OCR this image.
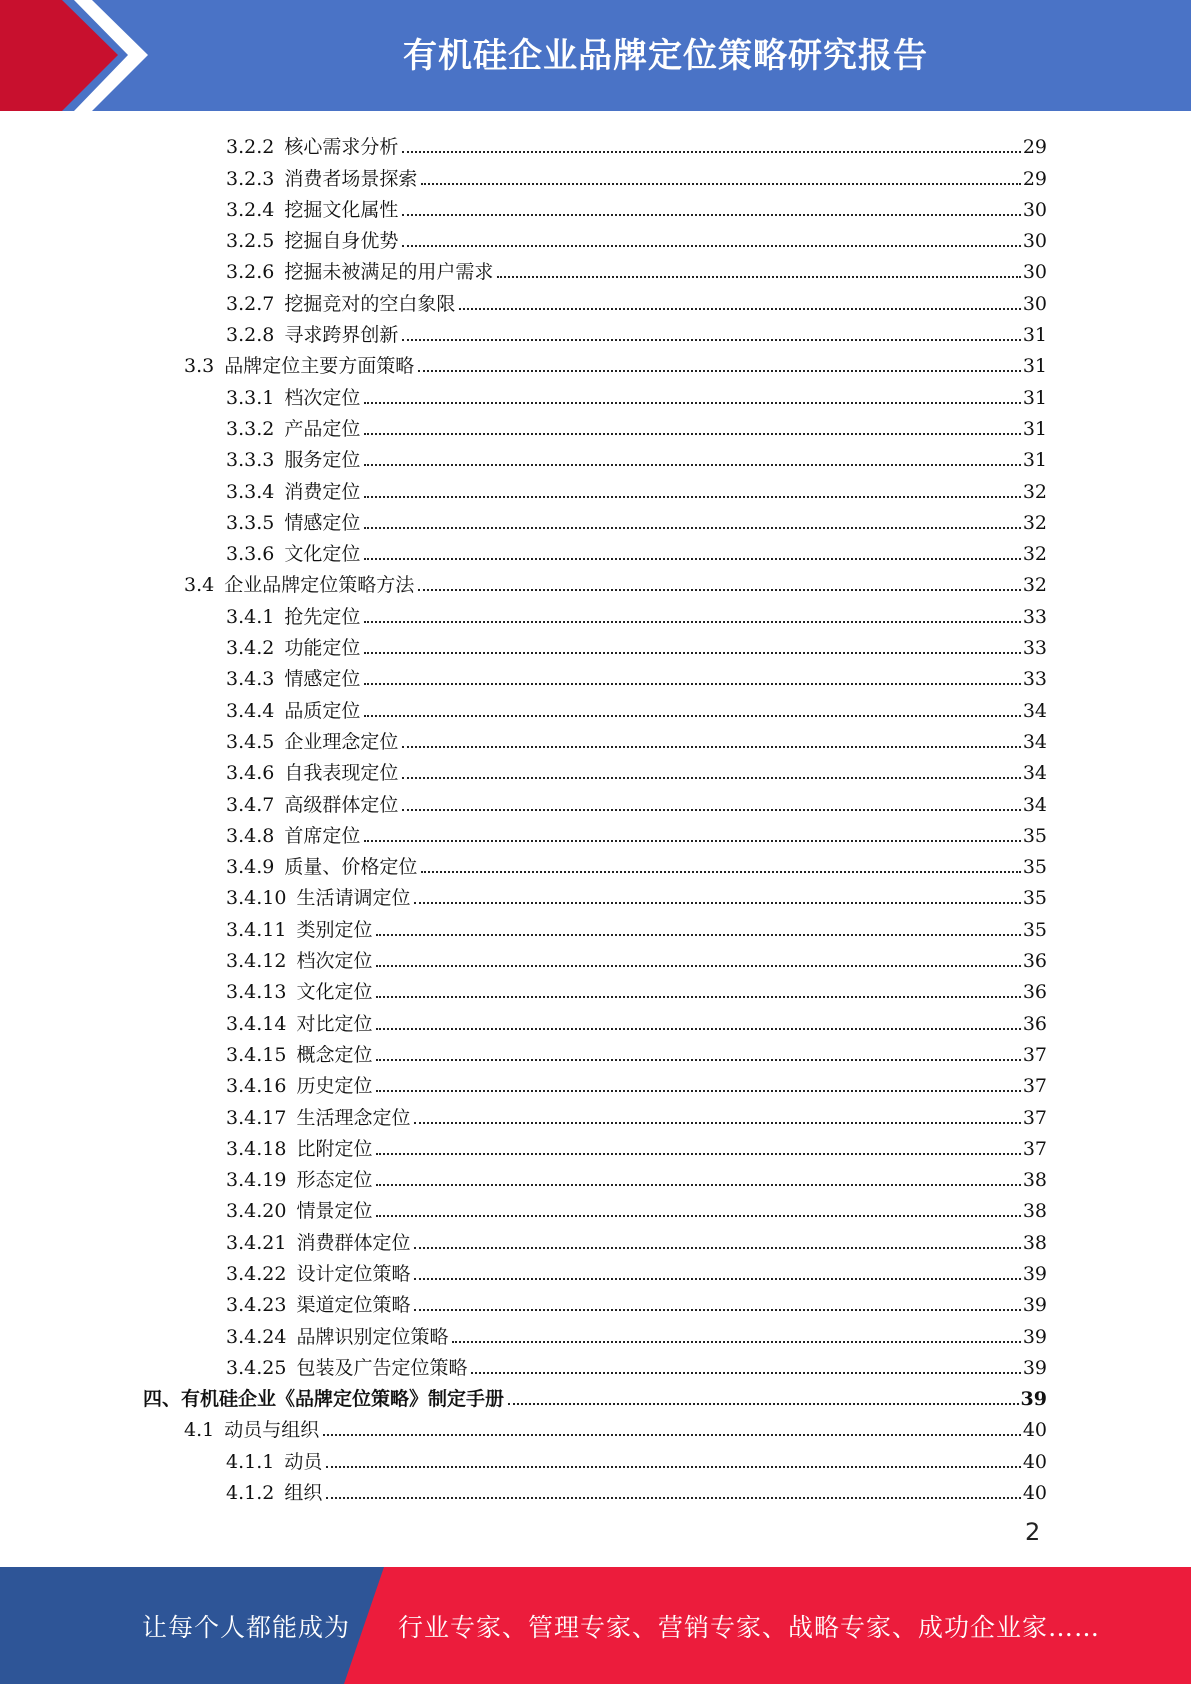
有机硅企业品牌定位策略研究报告
3.2.2 核心需求分析	29
3.2.3 消费者场景探索	29
3.2.4 挖掘文化属性	30
3.2.5 挖掘自身优势	30
3.2.6 挖掘未被满足的用户需求	30
3.2.7 挖掘竞对的空白象限	30
3.2.8 寻求跨界创新	31
3.3 品牌定位主要方面策略	31
3.3.1 档次定位	31
3.3.2 产品定位	31
3.3.3 服务定位	31
3.3.4 消费定位	32
3.3.5 情感定位	32
3.3.6 文化定位	32
3.4 企业品牌定位策略方法	32
3.4.1 抢先定位	33
3.4.2 功能定位	33
3.4.3 情感定位	33
3.4.4 品质定位	34
3.4.5 企业理念定位	34
3.4.6 自我表现定位	34
3.4.7 高级群体定位	34
3.4.8 首席定位	35
3.4.9 质量、价格定位	35
3.4.10 生活请调定位	35
3.4.11 类别定位	35
3.4.12 档次定位	36
3.4.13 文化定位	36
3.4.14 对比定位	36
3.4.15 概念定位	37
3.4.16 历史定位	37
3.4.17 生活理念定位	37
3.4.18 比附定位	37
3.4.19 形态定位	38
3.4.20 情景定位	38
3.4.21 消费群体定位	38
3.4.22 设计定位策略	39
3.4.23 渠道定位策略	39
3.4.24 品牌识别定位策略	39
3.4.25 包装及广告定位策略	39
四、有机硅企业《品牌定位策略》制定手册	39
4.1 动员与组织	40
4.1.1 动员	40
4.1.2 组织	40
2
让每个人都能成为 行业专家、管理专家、营销专家、战略专家、成功企业家……
